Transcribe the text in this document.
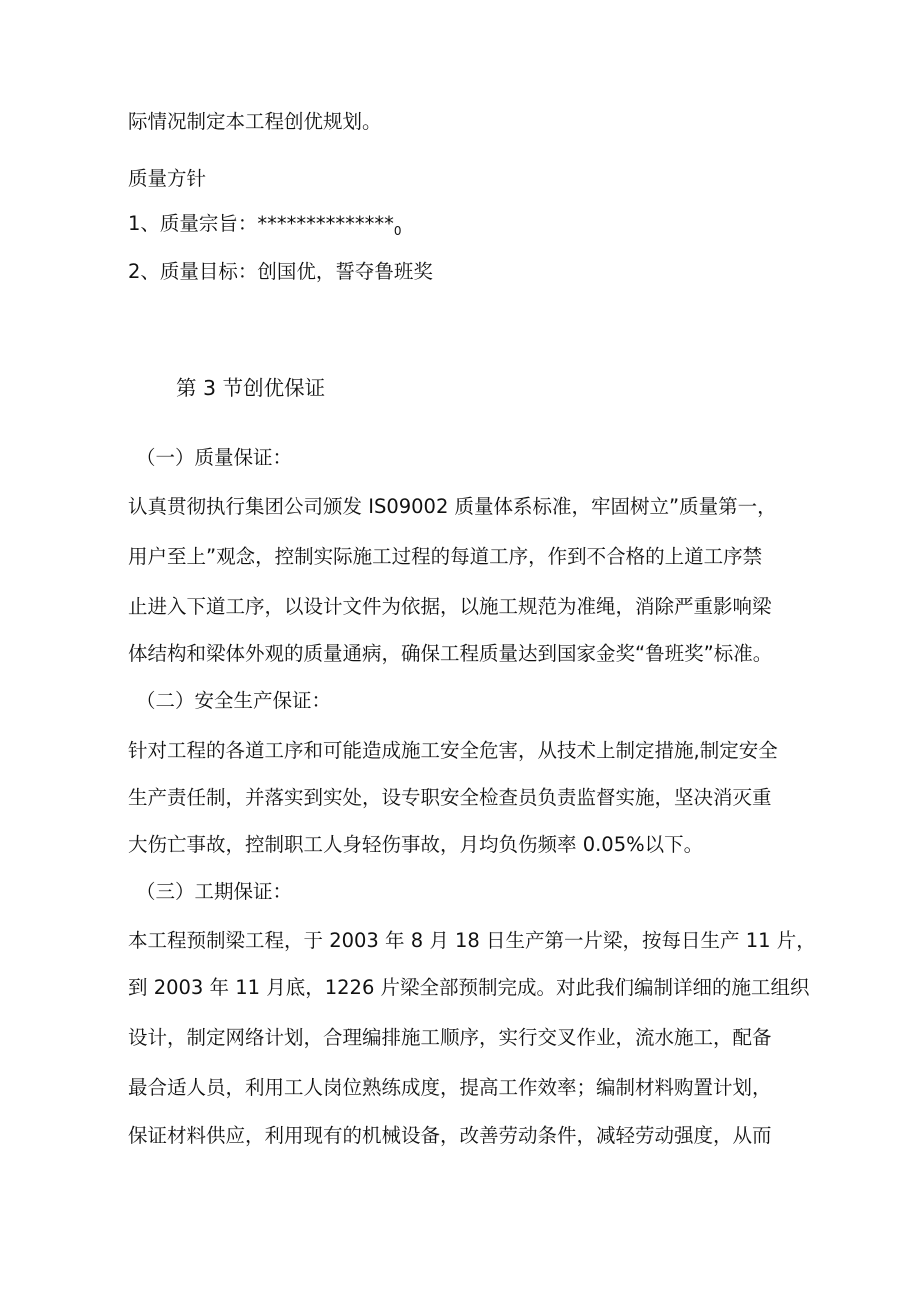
际情况制定本工程创优规划。
质量方针
1、质量宗旨：$**************_0$
2、质量目标：创国优，誓夺鲁班奖
第 3 节创优保证
（一）质量保证：
认真贯彻执行集团公司颁发 IS09002 质量体系标准，牢固树立”质量第一，
用户至上”观念，控制实际施工过程的每道工序，作到不合格的上道工序禁
止进入下道工序，以设计文件为依据，以施工规范为准绳，消除严重影响梁
体结构和梁体外观的质量通病，确保工程质量达到国家金奖“鲁班奖”标准。
（二）安全生产保证：
针对工程的各道工序和可能造成施工安全危害，从技术上制定措施,制定安全
生产责任制，并落实到实处，设专职安全检查员负责监督实施，坚决消灭重
大伤亡事故，控制职工人身轻伤事故，月均负伤频率 0.05%以下。
（三）工期保证：
本工程预制梁工程，于 2003 年 8 月 18 日生产第一片梁，按每日生产 11 片，
到 2003 年 11 月底，1226 片梁全部预制完成。对此我们编制详细的施工组织
设计，制定网络计划，合理编排施工顺序，实行交叉作业，流水施工，配备
最合适人员，利用工人岗位熟练成度，提高工作效率；编制材料购置计划，
保证材料供应，利用现有的机械设备，改善劳动条件，减轻劳动强度，从而
